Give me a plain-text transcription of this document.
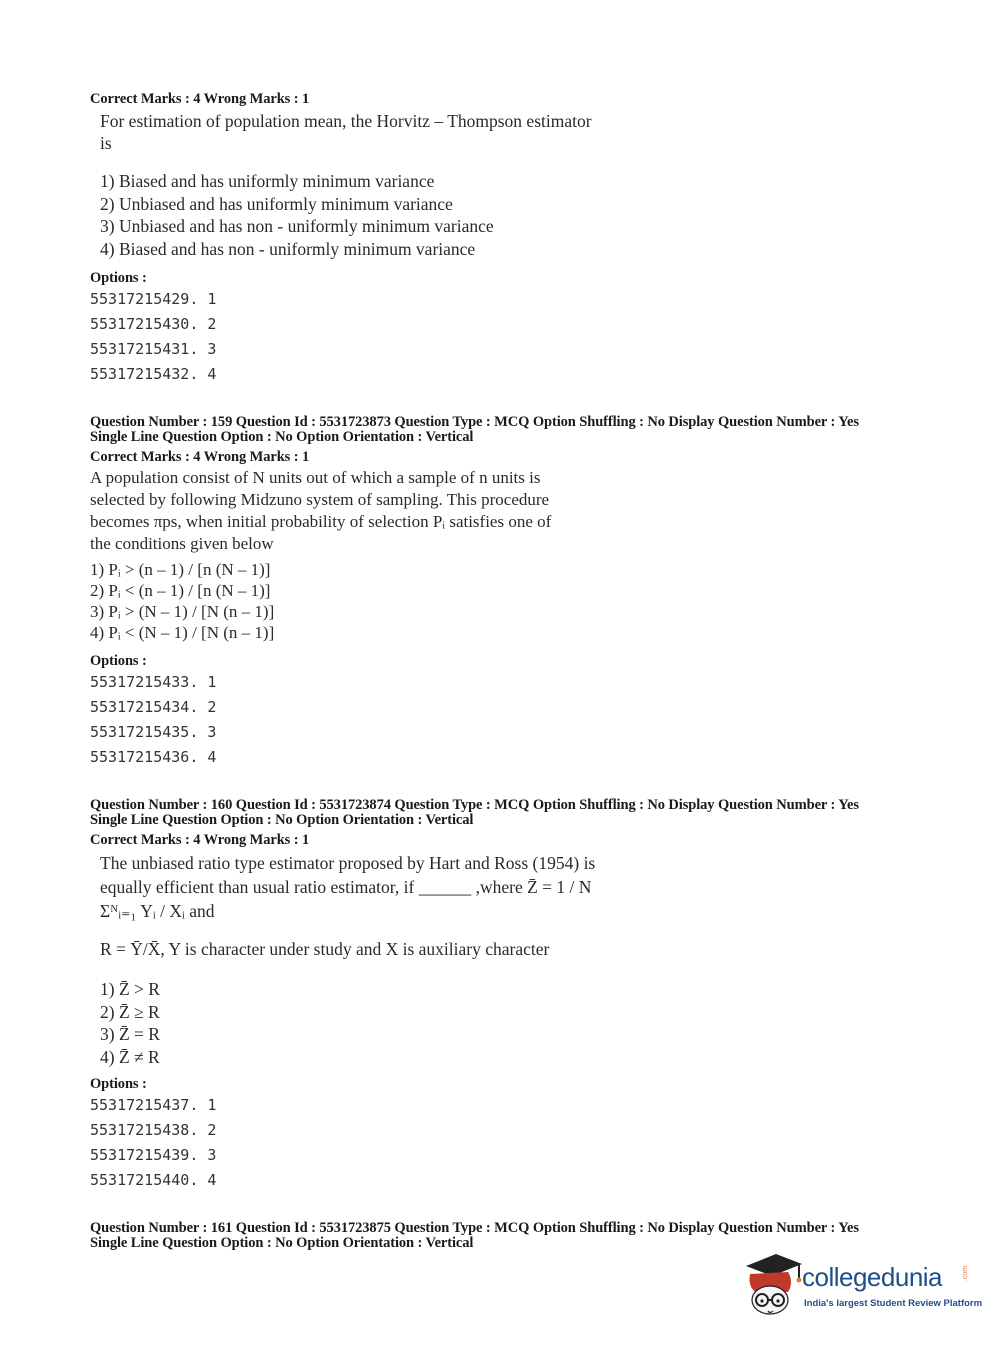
Correct Marks : 4 Wrong Marks : 1
For estimation of population mean, the Horvitz – Thompson estimator
is
1) Biased and has uniformly minimum variance
2) Unbiased and has uniformly minimum variance
3) Unbiased and has non - uniformly minimum variance
4) Biased and has non - uniformly minimum variance
Options :
55317215429. 1
55317215430. 2
55317215431. 3
55317215432. 4
Question Number : 159 Question Id : 5531723873 Question Type : MCQ Option Shuffling : No Display Question Number : Yes
Single Line Question Option : No Option Orientation : Vertical
Correct Marks : 4 Wrong Marks : 1
A population consist of N units out of which a sample of n units is
selected by following Midzuno system of sampling. This procedure
becomes πps, when initial probability of selection Pᵢ satisfies one of
the conditions given below
1) Pᵢ > (n – 1) / [n (N – 1)]
2) Pᵢ < (n – 1) / [n (N – 1)]
3) Pᵢ > (N – 1) / [N (n – 1)]
4) Pᵢ < (N – 1) / [N (n – 1)]
Options :
55317215433. 1
55317215434. 2
55317215435. 3
55317215436. 4
Question Number : 160 Question Id : 5531723874 Question Type : MCQ Option Shuffling : No Display Question Number : Yes
Single Line Question Option : No Option Orientation : Vertical
Correct Marks : 4 Wrong Marks : 1
The unbiased ratio type estimator proposed by Hart and Ross (1954) is
equally efficient than usual ratio estimator, if ______ ,where Z̄ = 1 / N
Σᴺᵢ₌₁ Yᵢ / Xᵢ and
R = Ȳ/X̄, Y is character under study and X is auxiliary character
1) Z̄ > R
2) Z̄ ≥ R
3) Z̄ = R
4) Z̄ ≠ R
Options :
55317215437. 1
55317215438. 2
55317215439. 3
55317215440. 4
Question Number : 161 Question Id : 5531723875 Question Type : MCQ Option Shuffling : No Display Question Number : Yes
Single Line Question Option : No Option Orientation : Vertical
collegedunia	.com
India's largest Student Review Platform
